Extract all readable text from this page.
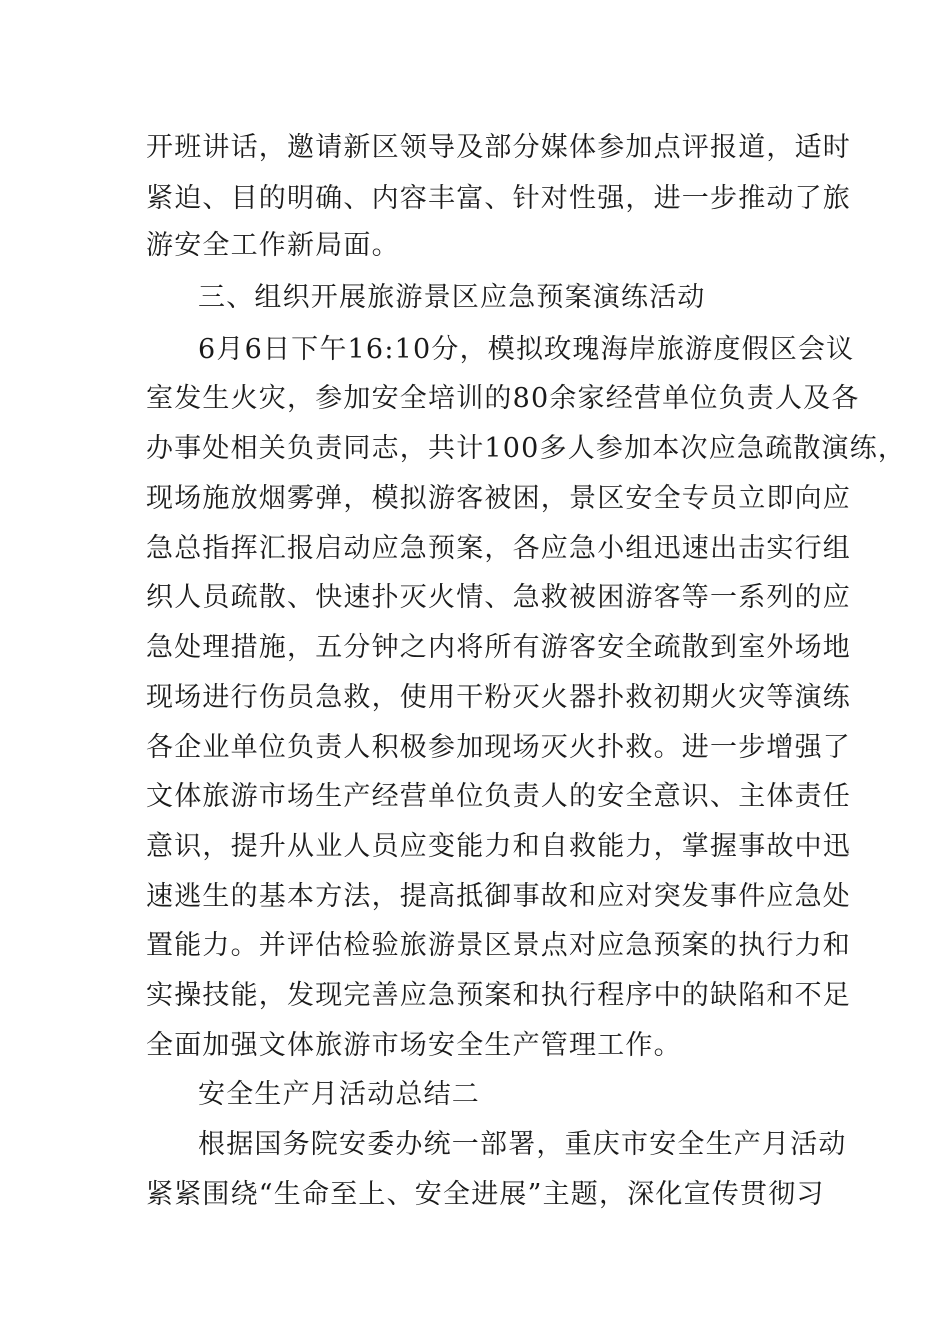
开班讲话，邀请新区领导及部分媒体参加点评报道，适时
紧迫、目的明确、内容丰富、针对性强，进一步推动了旅
游安全工作新局面。
三、组织开展旅游景区应急预案演练活动
6月6日下午16:10分，模拟玫瑰海岸旅游度假区会议
室发生火灾，参加安全培训的80余家经营单位负责人及各
办事处相关负责同志，共计100多人参加本次应急疏散演练，
现场施放烟雾弹，模拟游客被困，景区安全专员立即向应
急总指挥汇报启动应急预案，各应急小组迅速出击实行组
织人员疏散、快速扑灭火情、急救被困游客等一系列的应
急处理措施，五分钟之内将所有游客安全疏散到室外场地
现场进行伤员急救，使用干粉灭火器扑救初期火灾等演练
各企业单位负责人积极参加现场灭火扑救。进一步增强了
文体旅游市场生产经营单位负责人的安全意识、主体责任
意识，提升从业人员应变能力和自救能力，掌握事故中迅
速逃生的基本方法，提高抵御事故和应对突发事件应急处
置能力。并评估检验旅游景区景点对应急预案的执行力和
实操技能，发现完善应急预案和执行程序中的缺陷和不足
全面加强文体旅游市场安全生产管理工作。
安全生产月活动总结二
根据国务院安委办统一部署，重庆市安全生产月活动
紧紧围绕“生命至上、安全进展”主题，深化宣传贯彻习
